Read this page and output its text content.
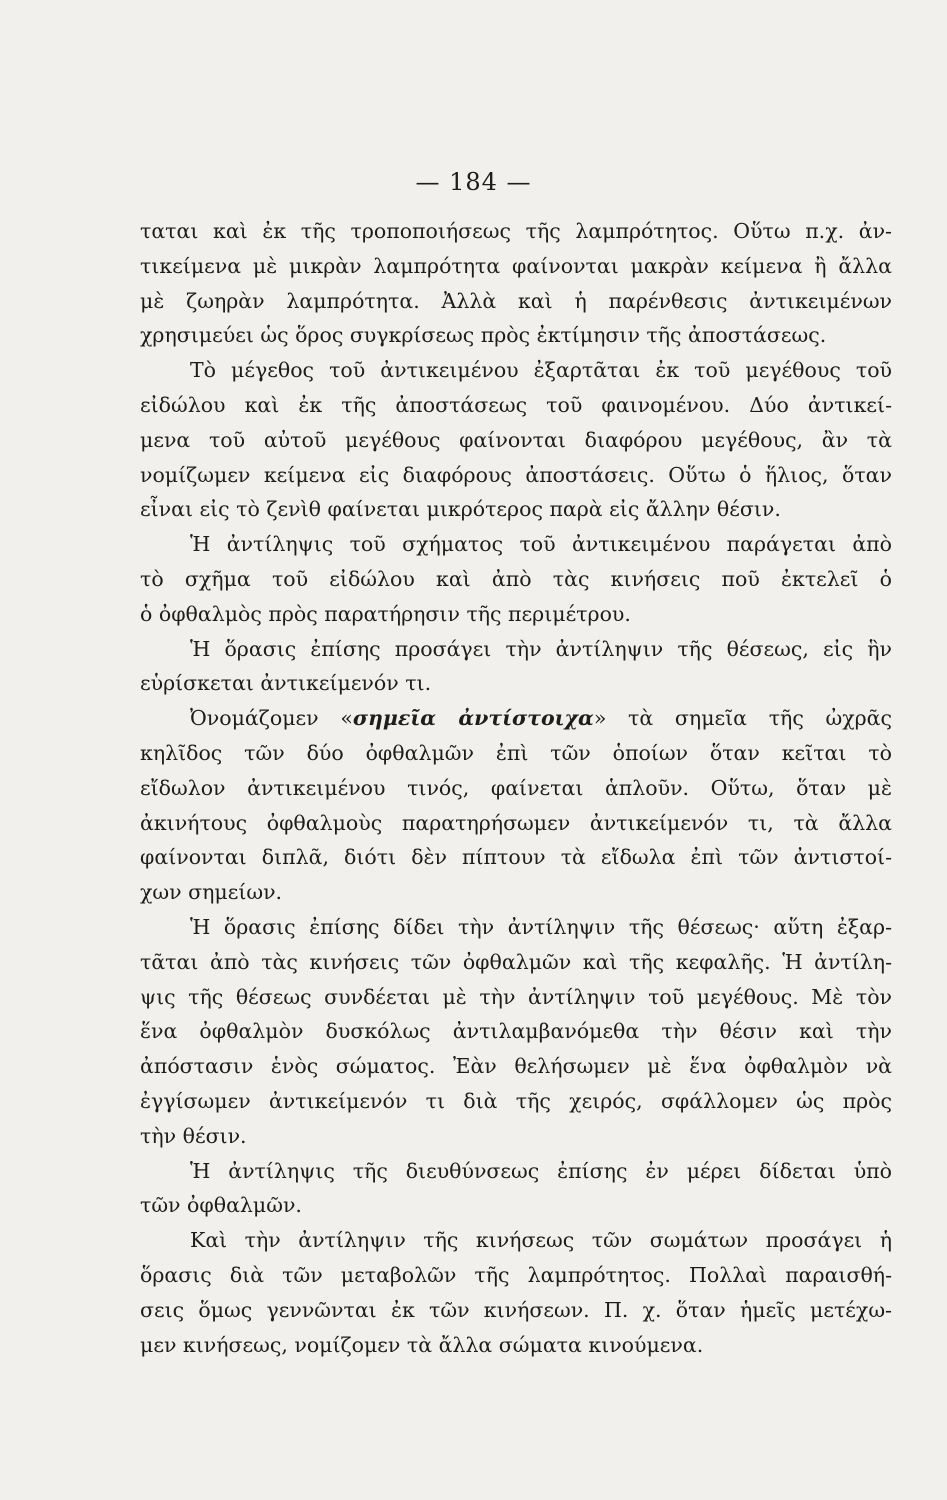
— 184 —
ταται καὶ ἐκ τῆς τροποποιήσεως τῆς λαμπρότητος. Οὕτω π.χ. ἀν-
τικείμενα μὲ μικρὰν λαμπρότητα φαίνονται μακρὰν κείμενα ἢ ἄλλα
μὲ ζωηρὰν λαμπρότητα. Ἀλλὰ καὶ ἡ παρένθεσις ἀντικειμένων
χρησιμεύει ὡς ὅρος συγκρίσεως πρὸς ἐκτίμησιν τῆς ἀποστάσεως.
Τὸ μέγεθος τοῦ ἀντικειμένου ἐξαρτᾶται ἐκ τοῦ μεγέθους τοῦ
εἰδώλου καὶ ἐκ τῆς ἀποστάσεως τοῦ φαινομένου. Δύο ἀντικεί-
μενα τοῦ αὐτοῦ μεγέθους φαίνονται διαφόρου μεγέθους, ἂν τὰ
νομίζωμεν κείμενα εἰς διαφόρους ἀποστάσεις. Οὕτω ὁ ἥλιος, ὅταν
εἶναι εἰς τὸ ζενὶθ φαίνεται μικρότερος παρὰ εἰς ἄλλην θέσιν.
Ἡ ἀντίληψις τοῦ σχήματος τοῦ ἀντικειμένου παράγεται ἀπὸ
τὸ σχῆμα τοῦ εἰδώλου καὶ ἀπὸ τὰς κινήσεις ποῦ ἐκτελεῖ ὁ
ὁ ὀφθαλμὸς πρὸς παρατήρησιν τῆς περιμέτρου.
Ἡ ὅρασις ἐπίσης προσάγει τὴν ἀντίληψιν τῆς θέσεως, εἰς ἣν
εὑρίσκεται ἀντικείμενόν τι.
Ὀνομάζομεν «σημεῖα ἀντίστοιχα» τὰ σημεῖα τῆς ὠχρᾶς
κηλῖδος τῶν δύο ὀφθαλμῶν ἐπὶ τῶν ὁποίων ὅταν κεῖται τὸ
εἴδωλον ἀντικειμένου τινός, φαίνεται ἁπλοῦν. Οὕτω, ὅταν μὲ
ἀκινήτους ὀφθαλμοὺς παρατηρήσωμεν ἀντικείμενόν τι, τὰ ἄλλα
φαίνονται διπλᾶ, διότι δὲν πίπτουν τὰ εἴδωλα ἐπὶ τῶν ἀντιστοί-
χων σημείων.
Ἡ ὅρασις ἐπίσης δίδει τὴν ἀντίληψιν τῆς θέσεως· αὕτη ἐξαρ-
τᾶται ἀπὸ τὰς κινήσεις τῶν ὀφθαλμῶν καὶ τῆς κεφαλῆς. Ἡ ἀντίλη-
ψις τῆς θέσεως συνδέεται μὲ τὴν ἀντίληψιν τοῦ μεγέθους. Μὲ τὸν
ἕνα ὀφθαλμὸν δυσκόλως ἀντιλαμβανόμεθα τὴν θέσιν καὶ τὴν
ἀπόστασιν ἑνὸς σώματος. Ἐὰν θελήσωμεν μὲ ἕνα ὀφθαλμὸν νὰ
ἐγγίσωμεν ἀντικείμενόν τι διὰ τῆς χειρός, σφάλλομεν ὡς πρὸς
τὴν θέσιν.
Ἡ ἀντίληψις τῆς διευθύνσεως ἐπίσης ἐν μέρει δίδεται ὑπὸ
τῶν ὀφθαλμῶν.
Καὶ τὴν ἀντίληψιν τῆς κινήσεως τῶν σωμάτων προσάγει ἡ
ὅρασις διὰ τῶν μεταβολῶν τῆς λαμπρότητος. Πολλαὶ παραισθή-
σεις ὅμως γεννῶνται ἐκ τῶν κινήσεων. Π. χ. ὅταν ἡμεῖς μετέχω-
μεν κινήσεως, νομίζομεν τὰ ἄλλα σώματα κινούμενα.
